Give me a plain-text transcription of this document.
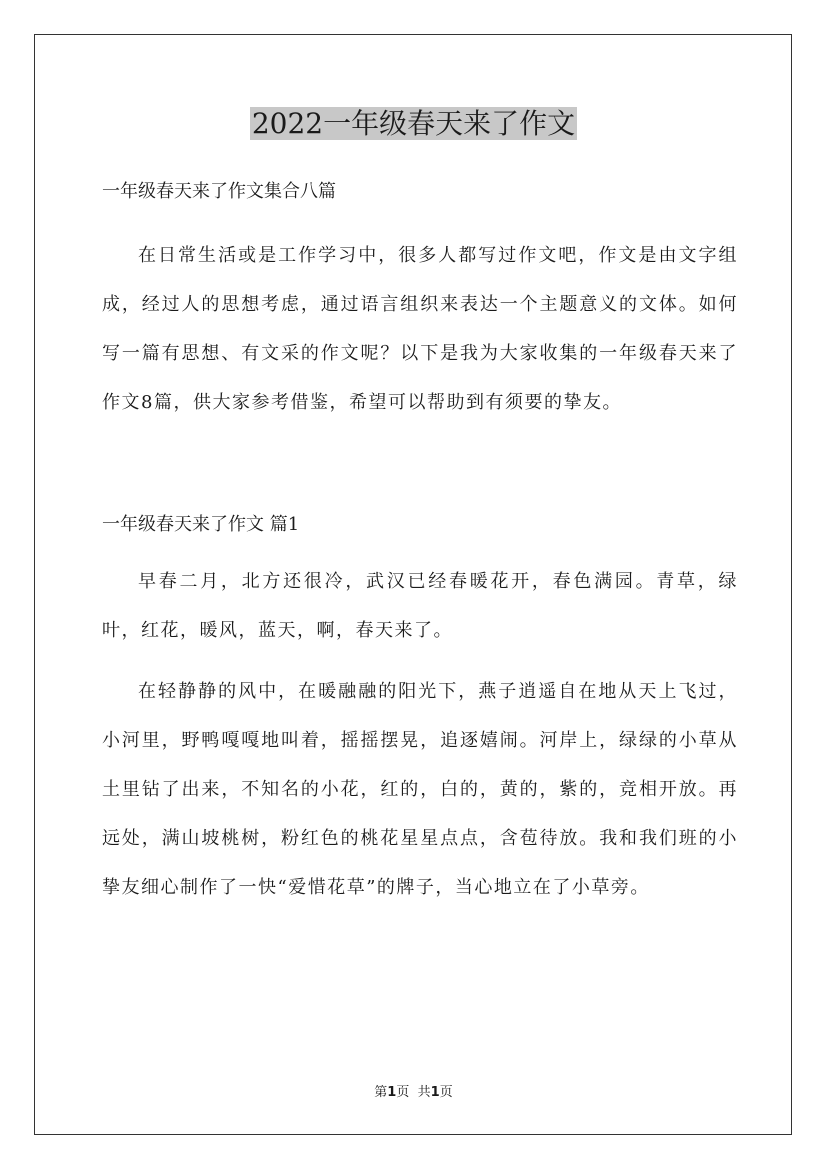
2022一年级春天来了作文

一年级春天来了作文集合八篇

在日常生活或是工作学习中，很多人都写过作文吧，作文是由文字组成，经过人的思想考虑，通过语言组织来表达一个主题意义的文体。如何写一篇有思想、有文采的作文呢？以下是我为大家收集的一年级春天来了作文8篇，供大家参考借鉴，希望可以帮助到有须要的挚友。

一年级春天来了作文 篇1

早春二月，北方还很冷，武汉已经春暖花开，春色满园。青草，绿叶，红花，暖风，蓝天，啊，春天来了。

在轻静静的风中，在暖融融的阳光下，燕子逍遥自在地从天上飞过，小河里，野鸭嘎嘎地叫着，摇摇摆晃，追逐嬉闹。河岸上，绿绿的小草从土里钻了出来，不知名的小花，红的，白的，黄的，紫的，竞相开放。再远处，满山坡桃树，粉红色的桃花星星点点，含苞待放。我和我们班的小挚友细心制作了一快“爱惜花草”的牌子，当心地立在了小草旁。

第1页 共1页
